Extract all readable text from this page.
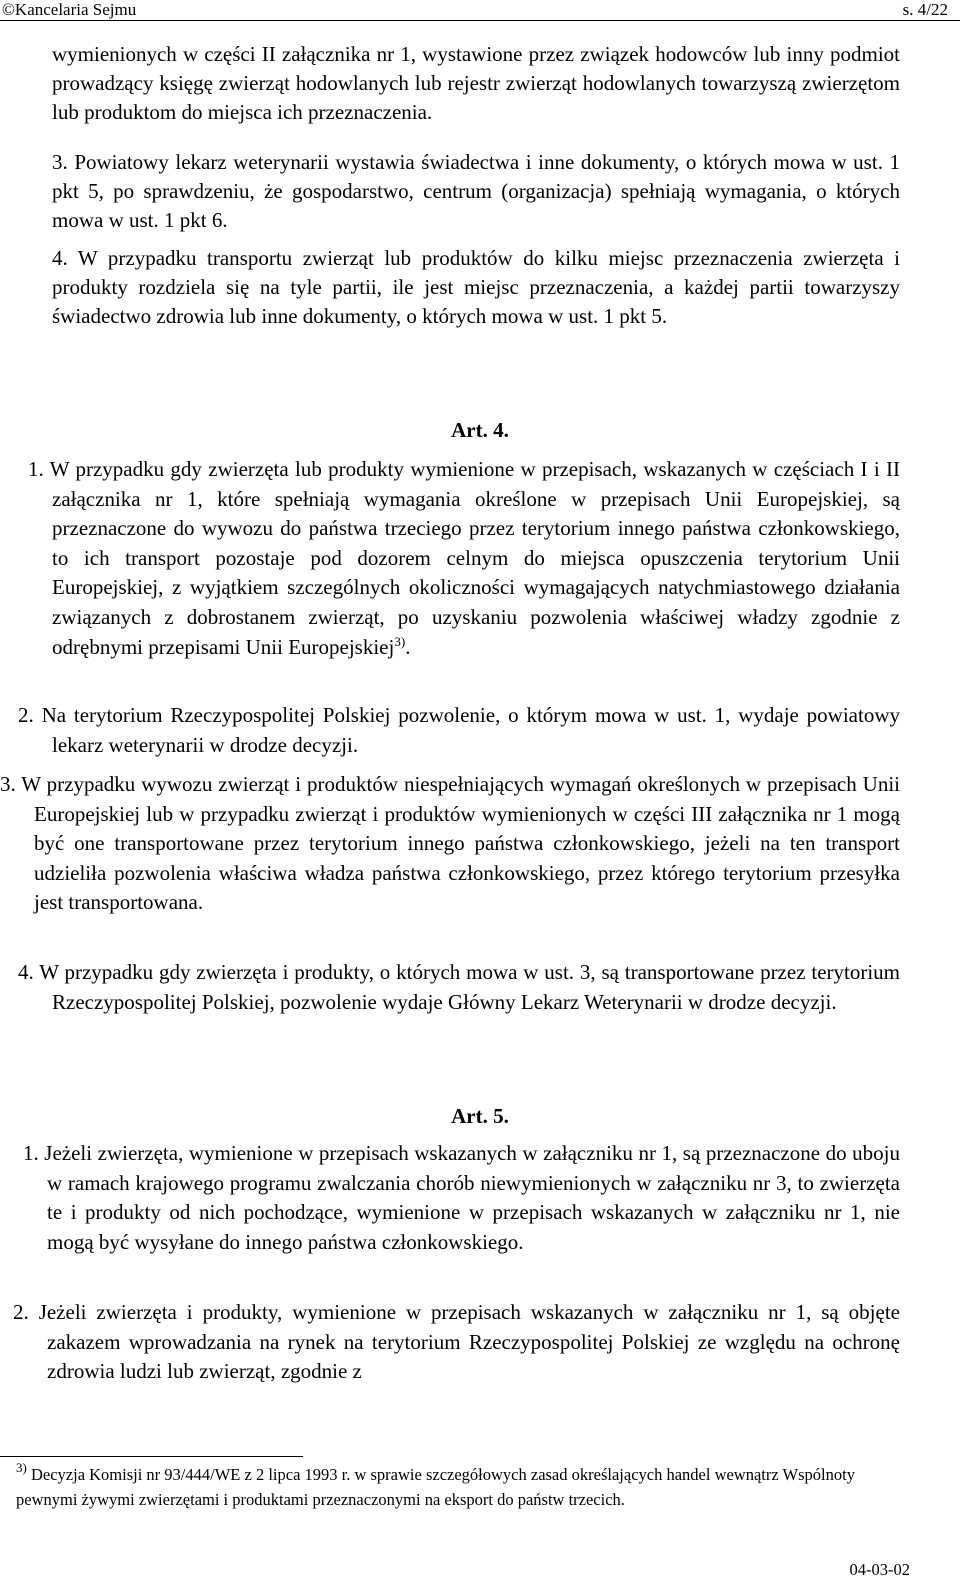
©Kancelaria Sejmu	s. 4/22
wymienionych w części II załącznika nr 1, wystawione przez związek hodowców lub inny podmiot prowadzący księgę zwierząt hodowlanych lub rejestr zwierząt hodowlanych towarzyszą zwierzętom lub produktom do miejsca ich przeznaczenia.
3. Powiatowy lekarz weterynarii wystawia świadectwa i inne dokumenty, o których mowa w ust. 1 pkt 5, po sprawdzeniu, że gospodarstwo, centrum (organizacja) spełniają wymagania, o których mowa w ust. 1 pkt 6.
4. W przypadku transportu zwierząt lub produktów do kilku miejsc przeznaczenia zwierzęta i produkty rozdziela się na tyle partii, ile jest miejsc przeznaczenia, a każdej partii towarzyszy świadectwo zdrowia lub inne dokumenty, o których mowa w ust. 1 pkt 5.
Art. 4.
1. W przypadku gdy zwierzęta lub produkty wymienione w przepisach, wskazanych w częściach I i II załącznika nr 1, które spełniają wymagania określone w przepisach Unii Europejskiej, są przeznaczone do wywozu do państwa trzeciego przez terytorium innego państwa członkowskiego, to ich transport pozostaje pod dozorem celnym do miejsca opuszczenia terytorium Unii Europejskiej, z wyjątkiem szczególnych okoliczności wymagających natychmiastowego działania związanych z dobrostanem zwierząt, po uzyskaniu pozwolenia właściwej władzy zgodnie z odrębnymi przepisami Unii Europejskiej$^{3)}$.
2. Na terytorium Rzeczypospolitej Polskiej pozwolenie, o którym mowa w ust. 1, wydaje powiatowy lekarz weterynarii w drodze decyzji.
3. W przypadku wywozu zwierząt i produktów niespełniających wymagań określonych w przepisach Unii Europejskiej lub w przypadku zwierząt i produktów wymienionych w części III załącznika nr 1 mogą być one transportowane przez terytorium innego państwa członkowskiego, jeżeli na ten transport udzieliła pozwolenia właściwa władza państwa członkowskiego, przez którego terytorium przesyłka jest transportowana.
4. W przypadku gdy zwierzęta i produkty, o których mowa w ust. 3, są transportowane przez terytorium Rzeczypospolitej Polskiej, pozwolenie wydaje Główny Lekarz Weterynarii w drodze decyzji.
Art. 5.
1. Jeżeli zwierzęta, wymienione w przepisach wskazanych w załączniku nr 1, są przeznaczone do uboju w ramach krajowego programu zwalczania chorób niewymienionych w załączniku nr 3, to zwierzęta te i produkty od nich pochodzące, wymienione w przepisach wskazanych w załączniku nr 1, nie mogą być wysyłane do innego państwa członkowskiego.
2. Jeżeli zwierzęta i produkty, wymienione w przepisach wskazanych w załączniku nr 1, są objęte zakazem wprowadzania na rynek na terytorium Rzeczypospolitej Polskiej ze względu na ochronę zdrowia ludzi lub zwierząt, zgodnie z
$^{3)}$ Decyzja Komisji nr 93/444/WE z 2 lipca 1993 r. w sprawie szczegółowych zasad określających handel wewnątrz Wspólnoty pewnymi żywymi zwierzętami i produktami przeznaczonymi na eksport do państw trzecich.
04-03-02
